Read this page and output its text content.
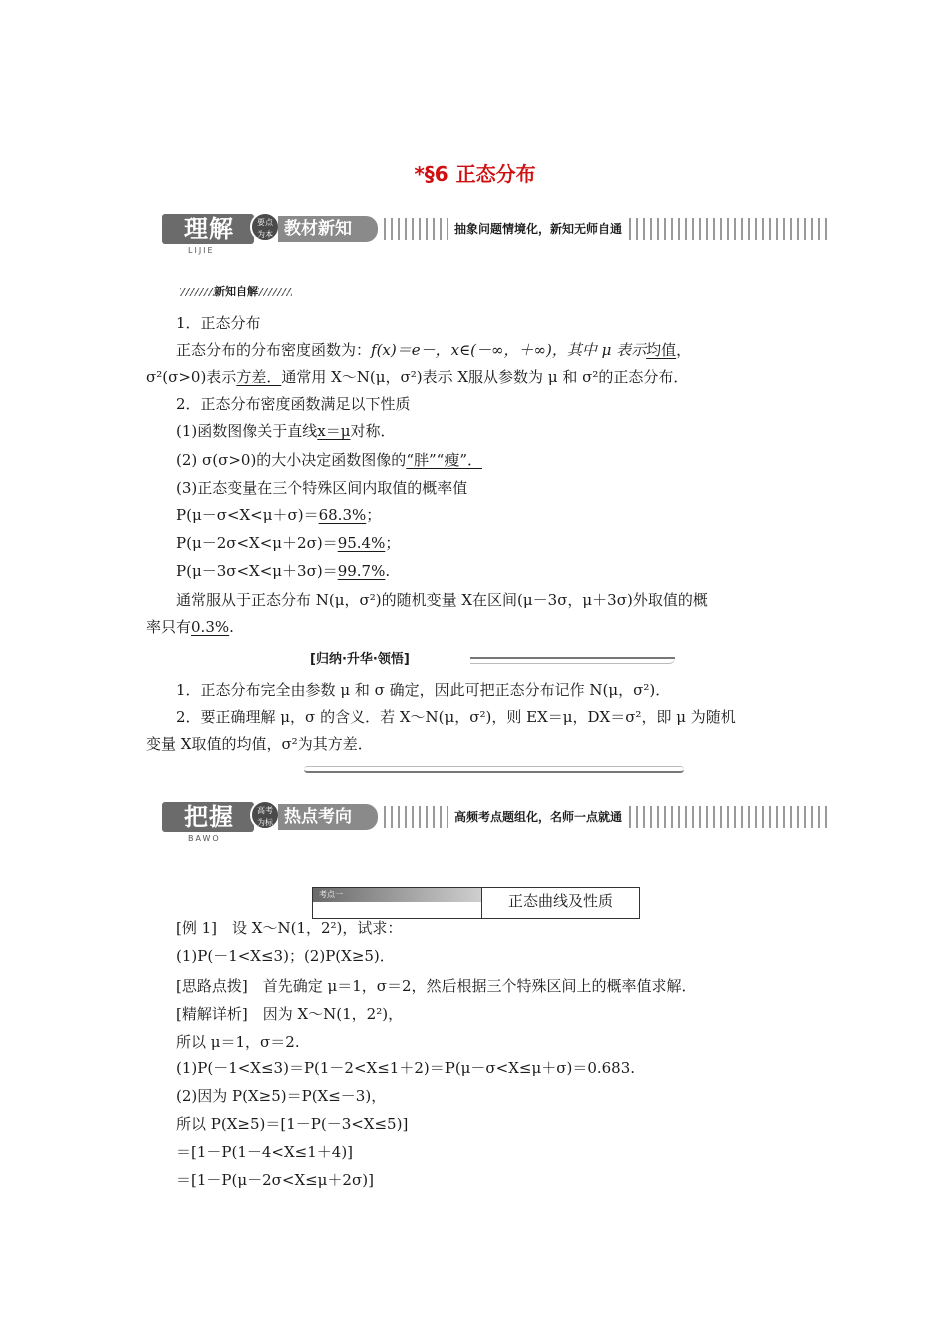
*§6 正态分布
理解
LIJIE
要点
为本 教材新知	抽象问题情境化，新知无师自通
新知自解
1．正态分布
正态分布的分布密度函数为：f(x)＝e－，x∈(－∞，＋∞)，其中 μ 表示均值，
σ²(σ>0)表示方差．通常用 X～N(μ，σ²)表示 X服从参数为 μ 和 σ²的正态分布．
2．正态分布密度函数满足以下性质
(1)函数图像关于直线x＝μ对称．
(2) σ(σ>0)的大小决定函数图像的“胖”“瘦”．
(3)正态变量在三个特殊区间内取值的概率值
P(μ－σ<X<μ＋σ)＝68.3%；
P(μ－2σ<X<μ＋2σ)＝95.4%；
P(μ－3σ<X<μ＋3σ)＝99.7%.
通常服从于正态分布 N(μ，σ²)的随机变量 X在区间(μ－3σ，μ＋3σ)外取值的概
率只有0.3%.
[归纳·升华·领悟]
1．正态分布完全由参数 μ 和 σ 确定，因此可把正态分布记作 N(μ，σ²)．
2．要正确理解 μ，σ 的含义．若 X～N(μ，σ²)，则 EX＝μ，DX＝σ²，即 μ 为随机
变量 X取值的均值，σ²为其方差．
把握
BAWO
高考
为标 热点考向	高频考点题组化，名师一点就通
考点一	正态曲线及性质
[例 1]　设 X～N(1，2²)，试求：
(1)P(－1<X≤3)；(2)P(X≥5)．
[思路点拨]　首先确定 μ＝1，σ＝2，然后根据三个特殊区间上的概率值求解．
[精解详析]　因为 X～N(1，2²)，
所以 μ＝1，σ＝2.
(1)P(－1<X≤3)＝P(1－2<X≤1＋2)＝P(μ－σ<X≤μ＋σ)＝0.683.
(2)因为 P(X≥5)＝P(X≤－3)，
所以 P(X≥5)＝[1－P(－3<X≤5)]
＝[1－P(1－4<X≤1＋4)]
＝[1－P(μ－2σ<X≤μ＋2σ)]
